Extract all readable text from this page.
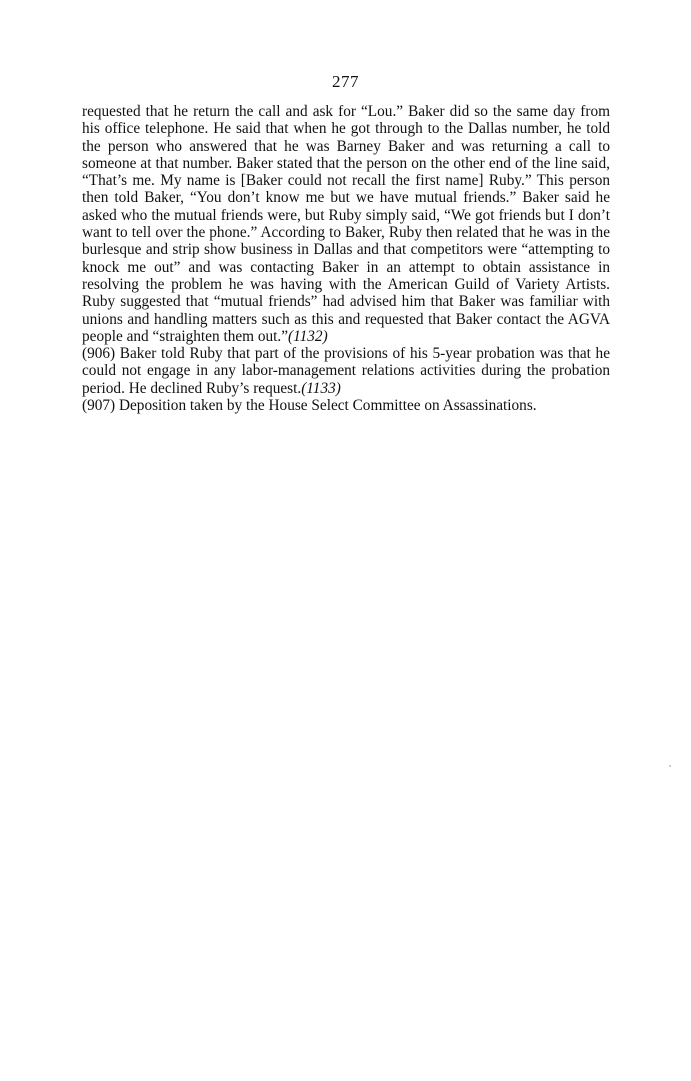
277

requested that he return the call and ask for “Lou.” Baker did so the same day from his office telephone. He said that when he got through to the Dallas number, he told the person who answered that he was Barney Baker and was returning a call to someone at that number. Baker stated that the person on the other end of the line said, “That’s me. My name is [Baker could not recall the first name] Ruby.” This person then told Baker, “You don’t know me but we have mutual friends.” Baker said he asked who the mutual friends were, but Ruby simply said, “We got friends but I don’t want to tell over the phone.” According to Baker, Ruby then related that he was in the burlesque and strip show business in Dallas and that competitors were “attempting to knock me out” and was contacting Baker in an attempt to obtain assistance in resolving the problem he was having with the American Guild of Variety Artists. Ruby suggested that “mutual friends” had advised him that Baker was familiar with unions and handling matters such as this and requested that Baker contact the AGVA people and “straighten them out.”(1132)

(906) Baker told Ruby that part of the provisions of his 5-year probation was that he could not engage in any labor-management relations activities during the probation period. He declined Ruby’s request.(1133)

(907) Deposition taken by the House Select Committee on Assassinations.
